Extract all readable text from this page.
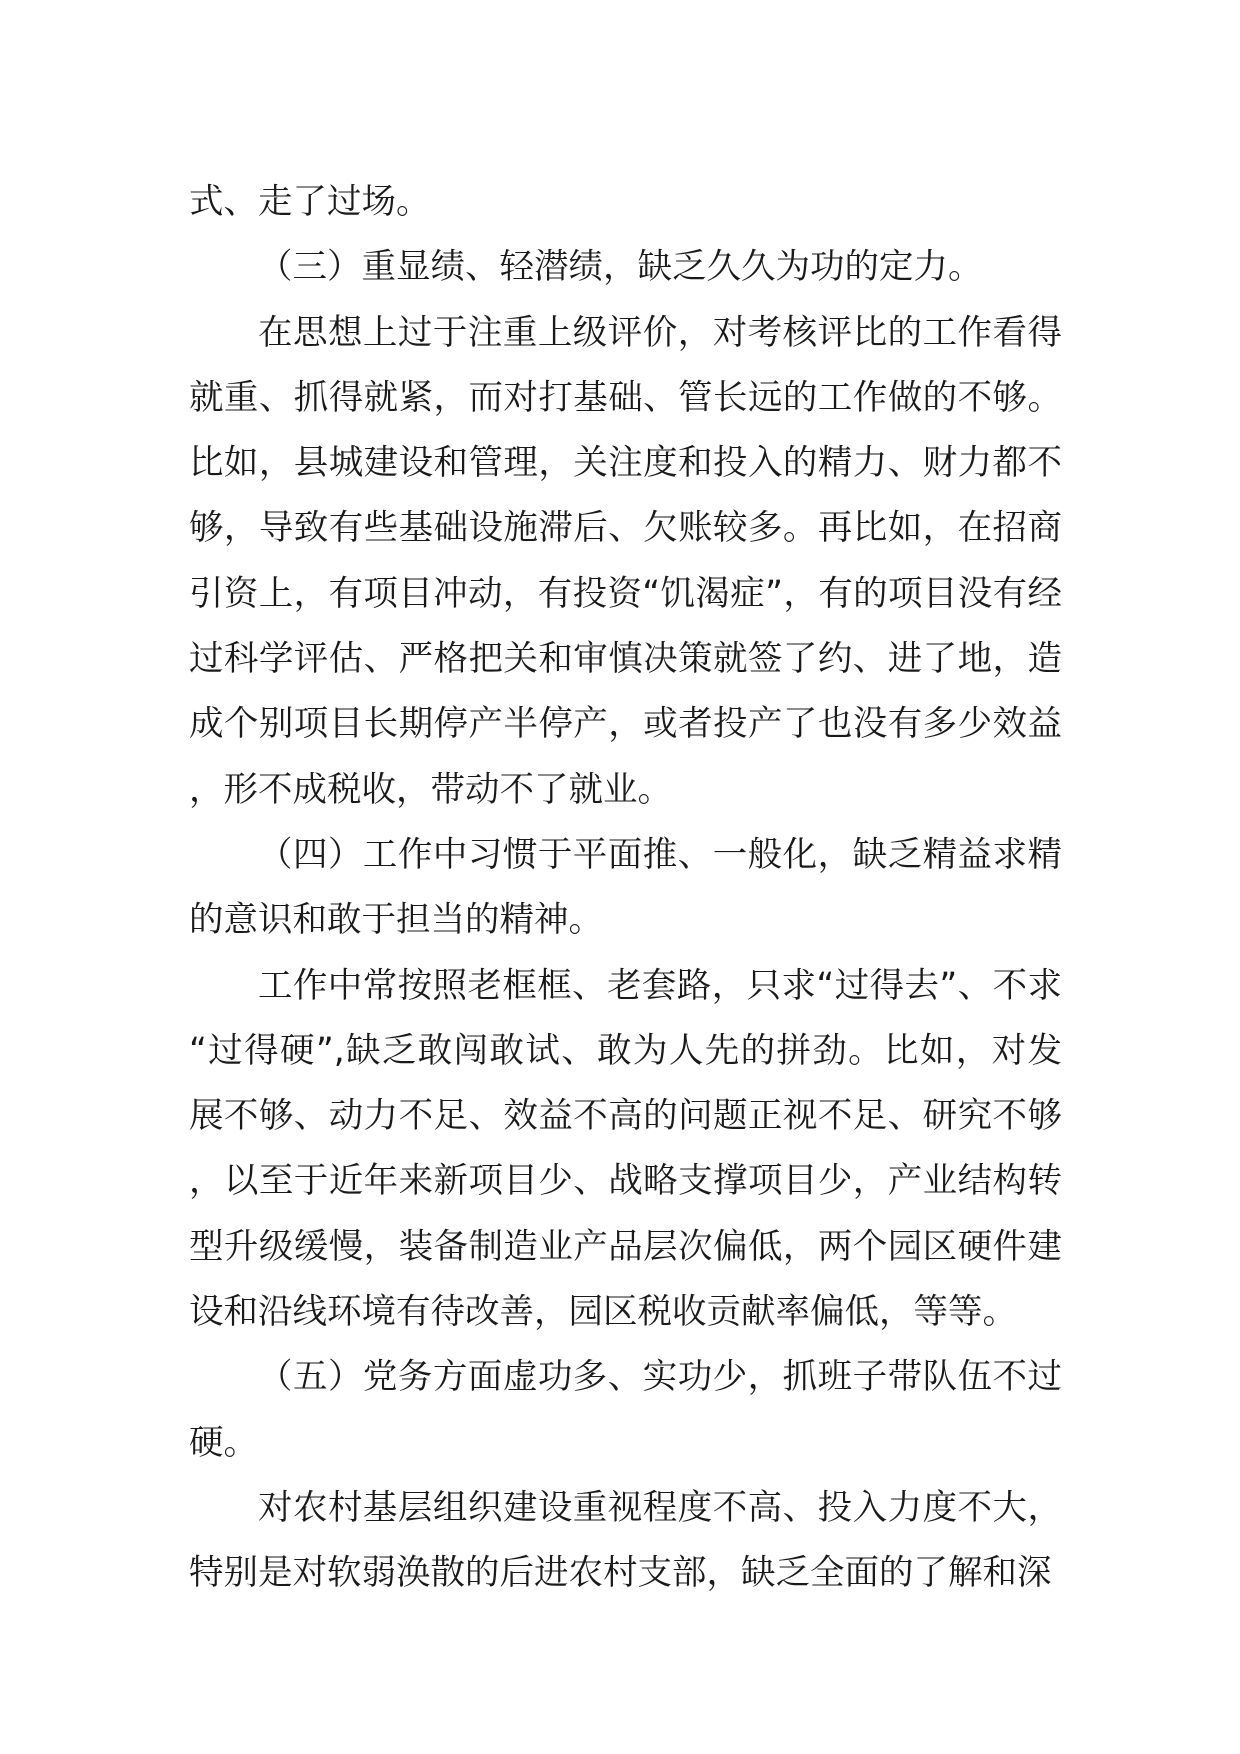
式、走了过场。

（三）重显绩、轻潜绩，缺乏久久为功的定力。

在思想上过于注重上级评价，对考核评比的工作看得就重、抓得就紧，而对打基础、管长远的工作做的不够。比如，县城建设和管理，关注度和投入的精力、财力都不够，导致有些基础设施滞后、欠账较多。再比如，在招商引资上，有项目冲动，有投资“饥渴症”，有的项目没有经过科学评估、严格把关和审慎决策就签了约、进了地，造成个别项目长期停产半停产，或者投产了也没有多少效益，形不成税收，带动不了就业。

（四）工作中习惯于平面推、一般化，缺乏精益求精的意识和敢于担当的精神。

工作中常按照老框框、老套路，只求“过得去”、不求“过得硬”,缺乏敢闯敢试、敢为人先的拼劲。比如，对发展不够、动力不足、效益不高的问题正视不足、研究不够，以至于近年来新项目少、战略支撑项目少，产业结构转型升级缓慢，装备制造业产品层次偏低，两个园区硬件建设和沿线环境有待改善，园区税收贡献率偏低，等等。

（五）党务方面虚功多、实功少，抓班子带队伍不过硬。

对农村基层组织建设重视程度不高、投入力度不大，特别是对软弱涣散的后进农村支部，缺乏全面的了解和深
